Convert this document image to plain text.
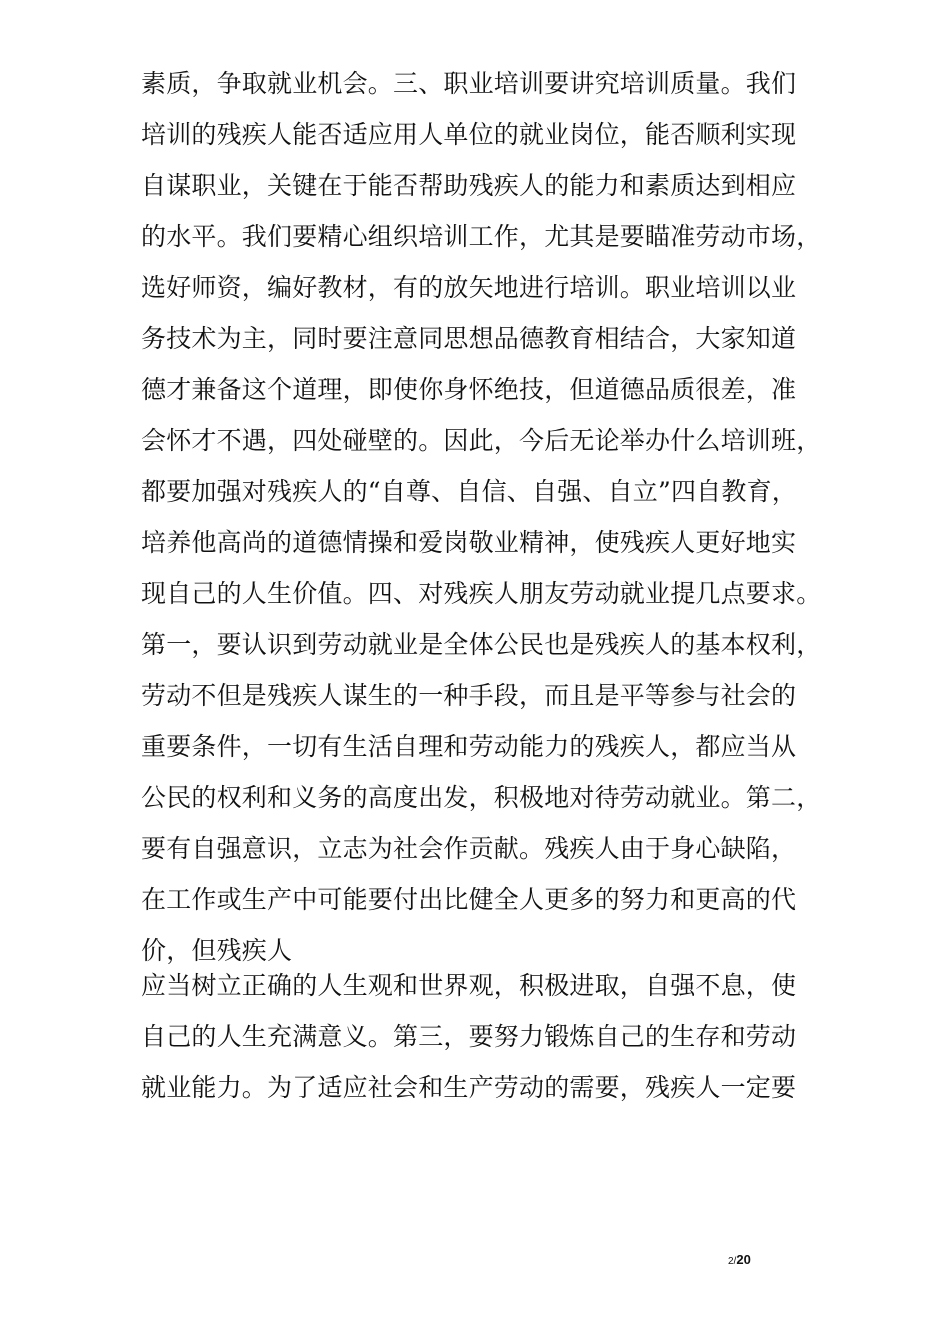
素质，争取就业机会。三、职业培训要讲究培训质量。我们
培训的残疾人能否适应用人单位的就业岗位，能否顺利实现
自谋职业，关键在于能否帮助残疾人的能力和素质达到相应
的水平。我们要精心组织培训工作，尤其是要瞄准劳动市场，
选好师资，编好教材，有的放矢地进行培训。职业培训以业
务技术为主，同时要注意同思想品德教育相结合，大家知道
德才兼备这个道理，即使你身怀绝技，但道德品质很差，准
会怀才不遇，四处碰壁的。因此，今后无论举办什么培训班，
都要加强对残疾人的“自尊、自信、自强、自立”四自教育，
培养他高尚的道德情操和爱岗敬业精神，使残疾人更好地实
现自己的人生价值。四、对残疾人朋友劳动就业提几点要求。
第一，要认识到劳动就业是全体公民也是残疾人的基本权利，
劳动不但是残疾人谋生的一种手段，而且是平等参与社会的
重要条件，一切有生活自理和劳动能力的残疾人，都应当从
公民的权利和义务的高度出发，积极地对待劳动就业。第二，
要有自强意识，立志为社会作贡献。残疾人由于身心缺陷，
在工作或生产中可能要付出比健全人更多的努力和更高的代
价，但残疾人
应当树立正确的人生观和世界观，积极进取，自强不息，使
自己的人生充满意义。第三，要努力锻炼自己的生存和劳动
就业能力。为了适应社会和生产劳动的需要，残疾人一定要
2/20
